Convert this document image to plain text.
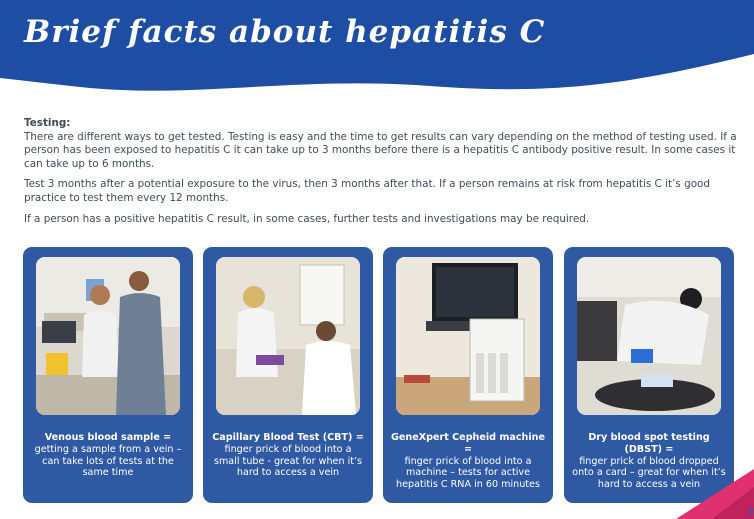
Brief facts about hepatitis C
Testing:

There are different ways to get tested. Testing is easy and the time to get results can vary depending on the method of testing used. If a person has been exposed to hepatitis C it can take up to 3 months before there is a hepatitis C antibody positive result. In some cases it can take up to 6 months.

Test 3 months after a potential exposure to the virus, then 3 months after that. If a person remains at risk from hepatitis C it’s good practice to test them every 12 months.

If a person has a positive hepatitis C result, in some cases, further tests and investigations may be required.

Venous blood sample =
getting a sample from a vein – can take lots of tests at the same time
Capillary Blood Test (CBT) =
finger prick of blood into a small tube - great for when it’s hard to access a vein
GeneXpert Cepheid machine =
finger prick of blood into a machine – tests for active hepatitis C RNA in 60 minutes
Dry blood spot testing (DBST) =
finger prick of blood dropped onto a card – great for when it’s hard to access a vein
2
